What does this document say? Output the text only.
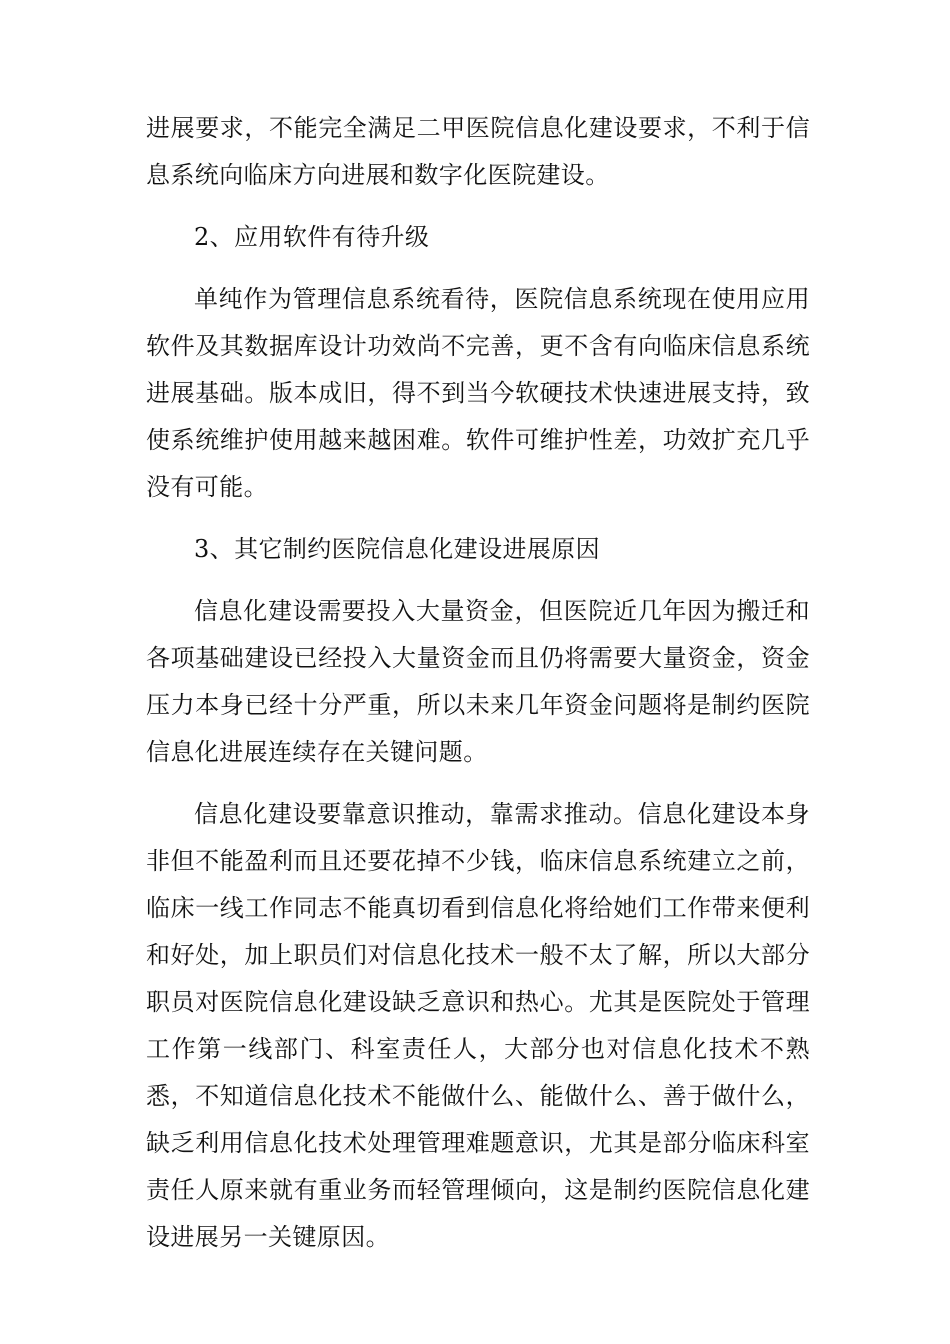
进展要求，不能完全满足二甲医院信息化建设要求，不利于信息系统向临床方向进展和数字化医院建设。

2、应用软件有待升级

单纯作为管理信息系统看待，医院信息系统现在使用应用软件及其数据库设计功效尚不完善，更不含有向临床信息系统进展基础。版本成旧，得不到当今软硬技术快速进展支持，致使系统维护使用越来越困难。软件可维护性差，功效扩充几乎没有可能。

3、其它制约医院信息化建设进展原因

信息化建设需要投入大量资金，但医院近几年因为搬迁和各项基础建设已经投入大量资金而且仍将需要大量资金，资金压力本身已经十分严重，所以未来几年资金问题将是制约医院信息化进展连续存在关键问题。

信息化建设要靠意识推动，靠需求推动。信息化建设本身非但不能盈利而且还要花掉不少钱，临床信息系统建立之前，临床一线工作同志不能真切看到信息化将给她们工作带来便利和好处，加上职员们对信息化技术一般不太了解，所以大部分职员对医院信息化建设缺乏意识和热心。尤其是医院处于管理工作第一线部门、科室责任人，大部分也对信息化技术不熟悉，不知道信息化技术不能做什么、能做什么、善于做什么，缺乏利用信息化技术处理管理难题意识，尤其是部分临床科室责任人原来就有重业务而轻管理倾向，这是制约医院信息化建设进展另一关键原因。
